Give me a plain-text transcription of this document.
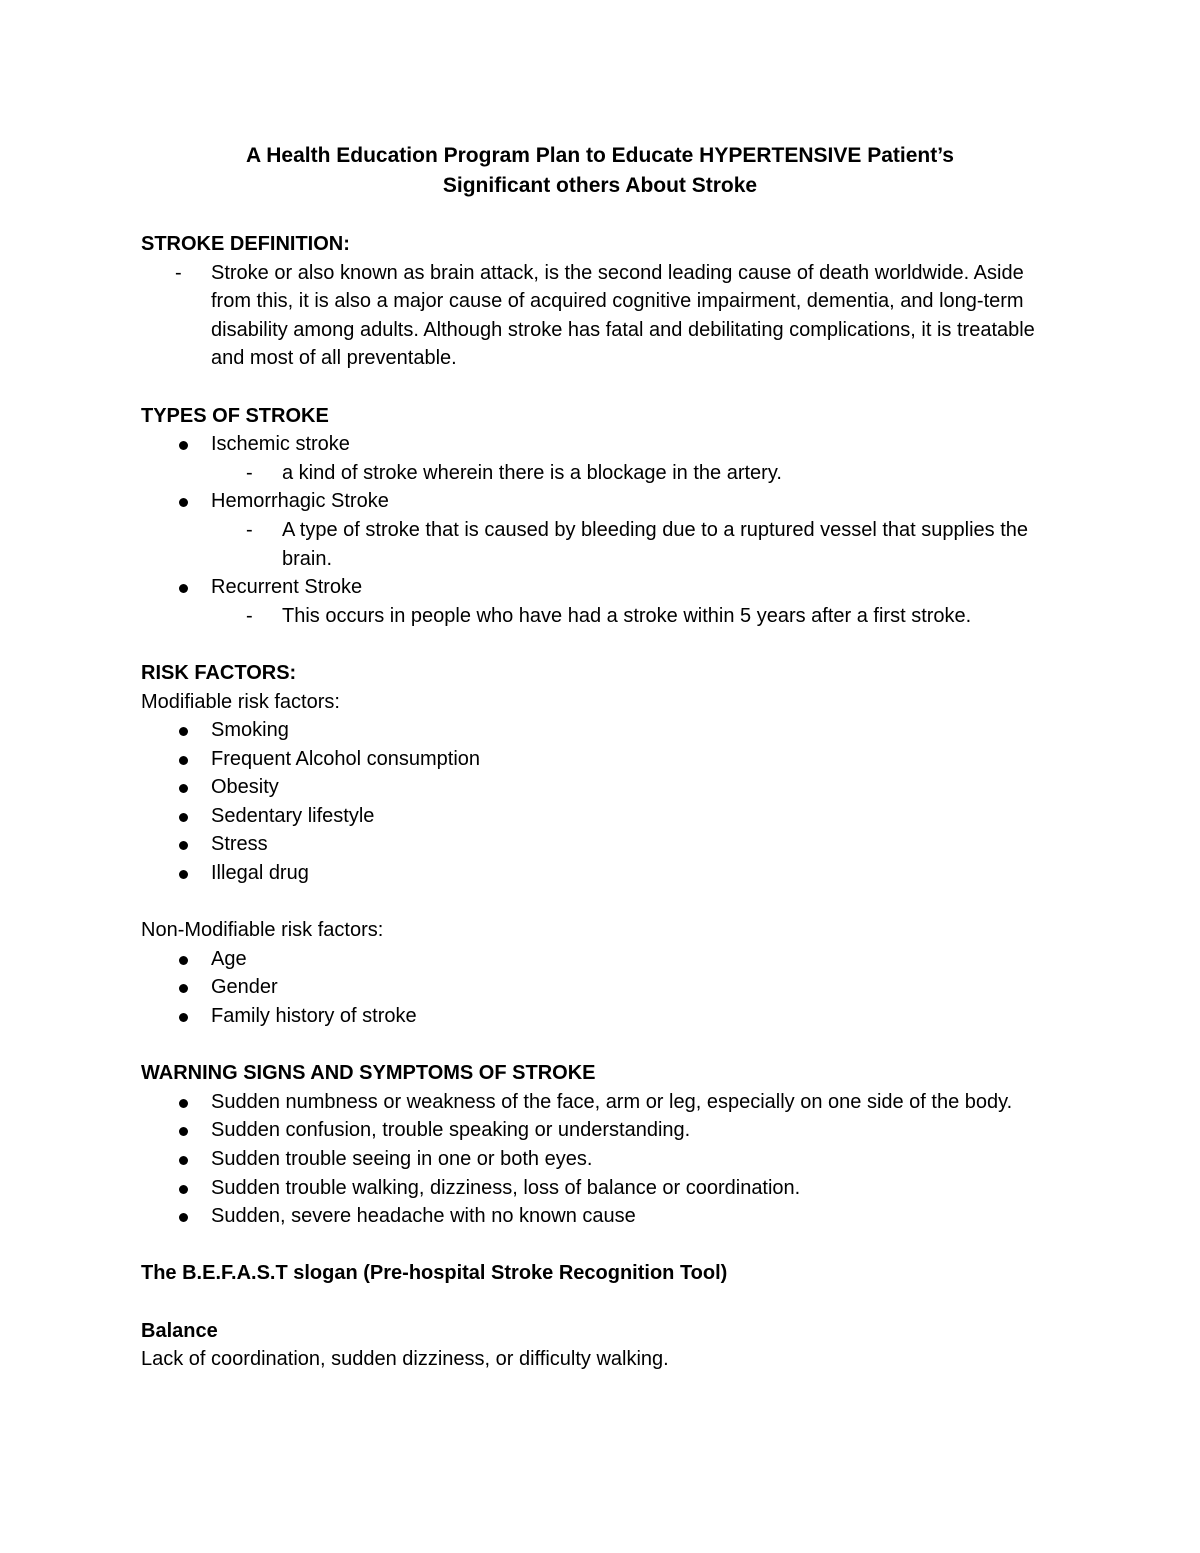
A Health Education Program Plan to Educate HYPERTENSIVE Patient’s
Significant others About Stroke
STROKE DEFINITION:
- Stroke or also known as brain attack, is the second leading cause of death worldwide. Aside from this, it is also a major cause of acquired cognitive impairment, dementia, and long-term disability among adults. Although stroke has fatal and debilitating complications, it is treatable and most of all preventable.
TYPES OF STROKE
Ischemic stroke
- a kind of stroke wherein there is a blockage in the artery.
Hemorrhagic Stroke
- A type of stroke that is caused by bleeding due to a ruptured vessel that supplies the brain.
Recurrent Stroke
- This occurs in people who have had a stroke within 5 years after a first stroke.
RISK FACTORS:
Modifiable risk factors:
Smoking
Frequent Alcohol consumption
Obesity
Sedentary lifestyle
Stress
Illegal drug
Non-Modifiable risk factors:
Age
Gender
Family history of stroke
WARNING SIGNS AND SYMPTOMS OF STROKE
Sudden numbness or weakness of the face, arm or leg, especially on one side of the body.
Sudden confusion, trouble speaking or understanding.
Sudden trouble seeing in one or both eyes.
Sudden trouble walking, dizziness, loss of balance or coordination.
Sudden, severe headache with no known cause
The B.E.F.A.S.T slogan (Pre-hospital Stroke Recognition Tool)
Balance
Lack of coordination, sudden dizziness, or difficulty walking.
